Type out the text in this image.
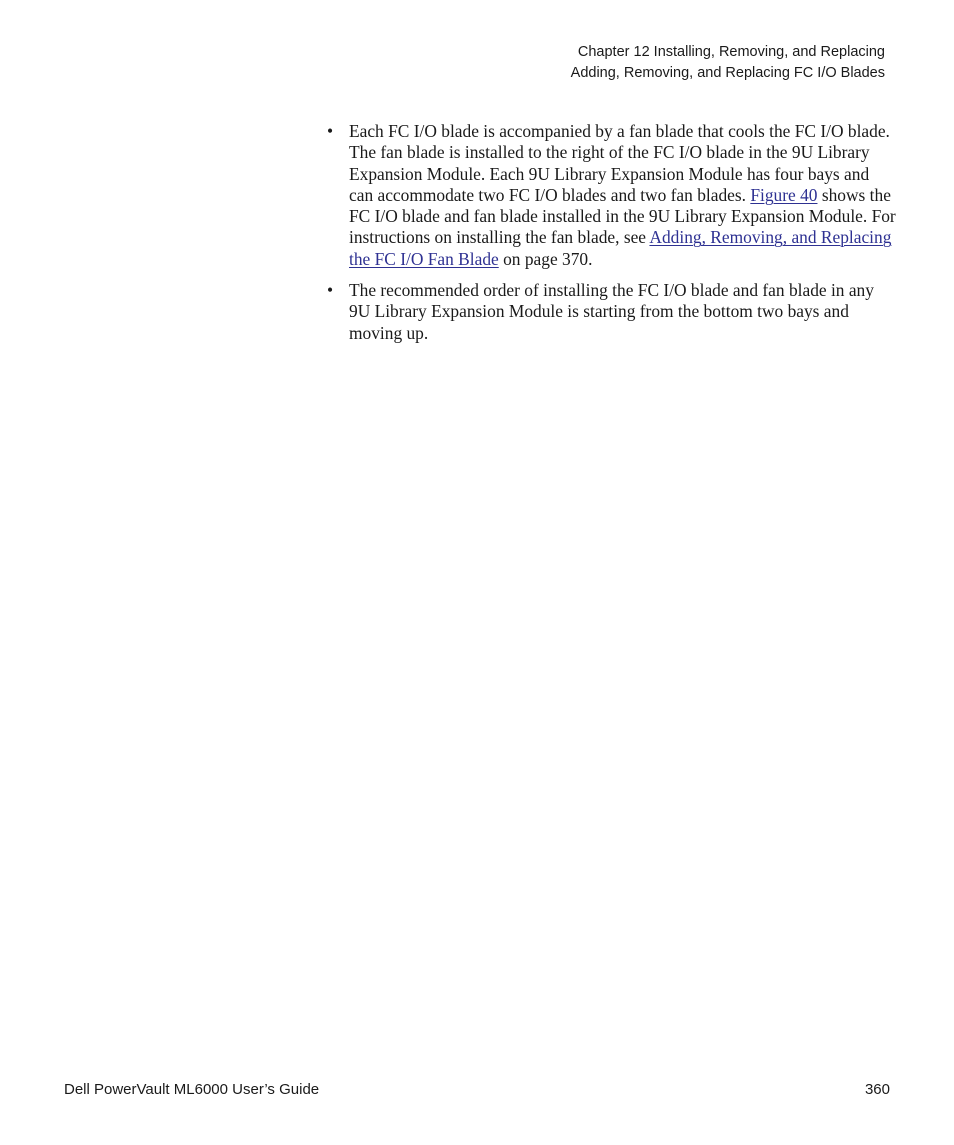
Chapter 12 Installing, Removing, and Replacing
Adding, Removing, and Replacing FC I/O Blades
• Each FC I/O blade is accompanied by a fan blade that cools the FC I/O blade. The fan blade is installed to the right of the FC I/O blade in the 9U Library Expansion Module. Each 9U Library Expansion Module has four bays and can accommodate two FC I/O blades and two fan blades. Figure 40 shows the FC I/O blade and fan blade installed in the 9U Library Expansion Module. For instructions on installing the fan blade, see Adding, Removing, and Replacing the FC I/O Fan Blade on page 370.
• The recommended order of installing the FC I/O blade and fan blade in any 9U Library Expansion Module is starting from the bottom two bays and moving up.
Dell PowerVault ML6000 User’s Guide	360
